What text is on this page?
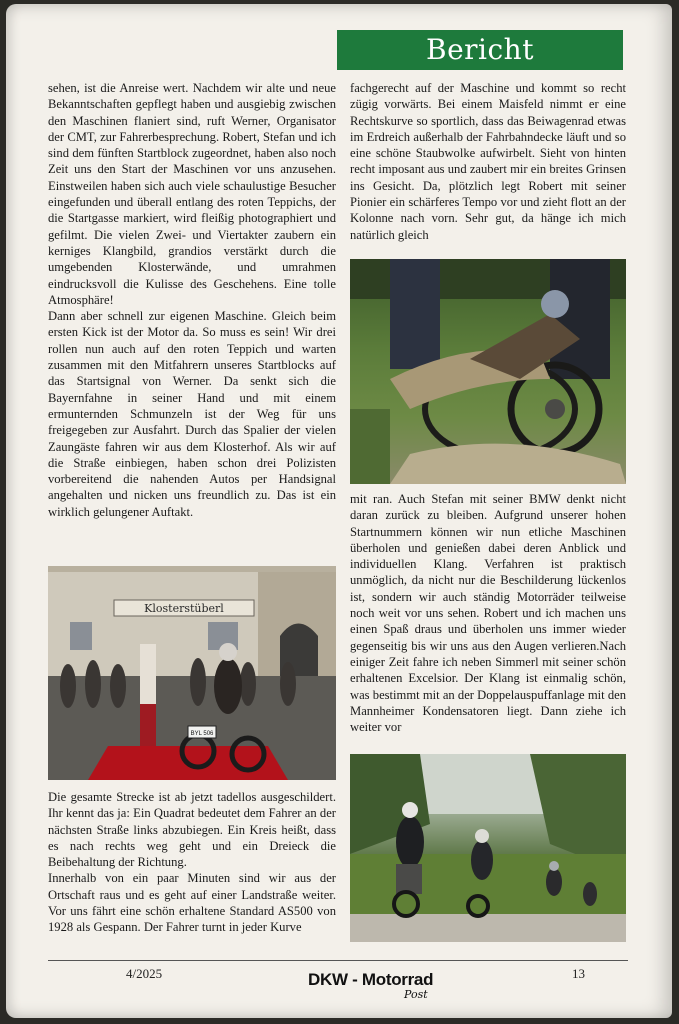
Bericht

sehen, ist die Anreise wert. Nachdem wir alte und neue Bekanntschaften gepflegt haben und ausgiebig zwischen den Maschinen flaniert sind, ruft Werner, Organisator der CMT, zur Fahrerbesprechung. Robert, Stefan und ich sind dem fünften Startblock zugeordnet, haben also noch Zeit uns den Start der Maschinen vor uns anzusehen. Einstweilen haben sich auch viele schaulustige Besucher eingefunden und überall entlang des roten Teppichs, der die Startgasse markiert, wird fleißig photographiert und gefilmt. Die vielen Zwei- und Viertakter zaubern ein kerniges Klangbild, grandios verstärkt durch die umgebenden Klosterwände, und umrahmen eindrucksvoll die Kulisse des Geschehens. Eine tolle Atmosphäre!

Dann aber schnell zur eigenen Maschine. Gleich beim ersten Kick ist der Motor da. So muss es sein! Wir drei rollen nun auch auf den roten Teppich und warten zusammen mit den Mitfahrern unseres Startblocks auf das Startsignal von Werner. Da senkt sich die Bayernfahne in seiner Hand und mit einem ermunternden Schmunzeln ist der Weg für uns freigegeben zur Ausfahrt. Durch das Spalier der vielen Zaungäste fahren wir aus dem Klosterhof. Als wir auf die Straße einbiegen, haben schon drei Polizisten vorbereitend die nahenden Autos per Handsignal angehalten und nicken uns freundlich zu. Das ist ein wirklich gelungener Auftakt.

fachgerecht auf der Maschine und kommt so recht zügig vorwärts. Bei einem Maisfeld nimmt er eine Rechtskurve so sportlich, dass das Beiwagenrad etwas im Erdreich außerhalb der Fahrbahndecke läuft und so eine schöne Staubwolke aufwirbelt. Sieht von hinten recht imposant aus und zaubert mir ein breites Grinsen ins Gesicht. Da, plötzlich legt Robert mit seiner Pionier ein schärferes Tempo vor und zieht flott an der Kolonne nach vorn. Sehr gut, da hänge ich mich natürlich gleich

mit ran. Auch Stefan mit seiner BMW denkt nicht daran zurück zu bleiben. Aufgrund unserer hohen Startnummern können wir nun etliche Maschinen überholen und genießen dabei deren Anblick und individuellen Klang. Verfahren ist praktisch unmöglich, da nicht nur die Beschilderung lückenlos ist, sondern wir auch ständig Motorräder teilweise noch weit vor uns sehen. Robert und ich machen uns einen Spaß draus und überholen uns immer wieder gegenseitig bis wir uns aus den Augen verlieren.Nach einiger Zeit fahre ich neben Simmerl mit seiner schön erhaltenen Excelsior. Der Klang ist einmalig schön, was bestimmt mit an der Doppelauspuffanlage mit den Mannheimer Kondensatoren liegt. Dann ziehe ich weiter vor

Klosterstüberl
BYL 506

Die gesamte Strecke ist ab jetzt tadellos ausgeschildert. Ihr kennt das ja: Ein Quadrat bedeutet dem Fahrer an der nächsten Straße links abzubiegen. Ein Kreis heißt, dass es nach rechts weg geht und ein Dreieck die Beibehaltung der Richtung.

Innerhalb von ein paar Minuten sind wir aus der Ortschaft raus und es geht auf einer Landstraße weiter. Vor uns fährt eine schön erhaltene Standard AS500 von 1928 als Gespann. Der Fahrer turnt in jeder Kurve

4/2025	DKW - Motorrad
Post
13
